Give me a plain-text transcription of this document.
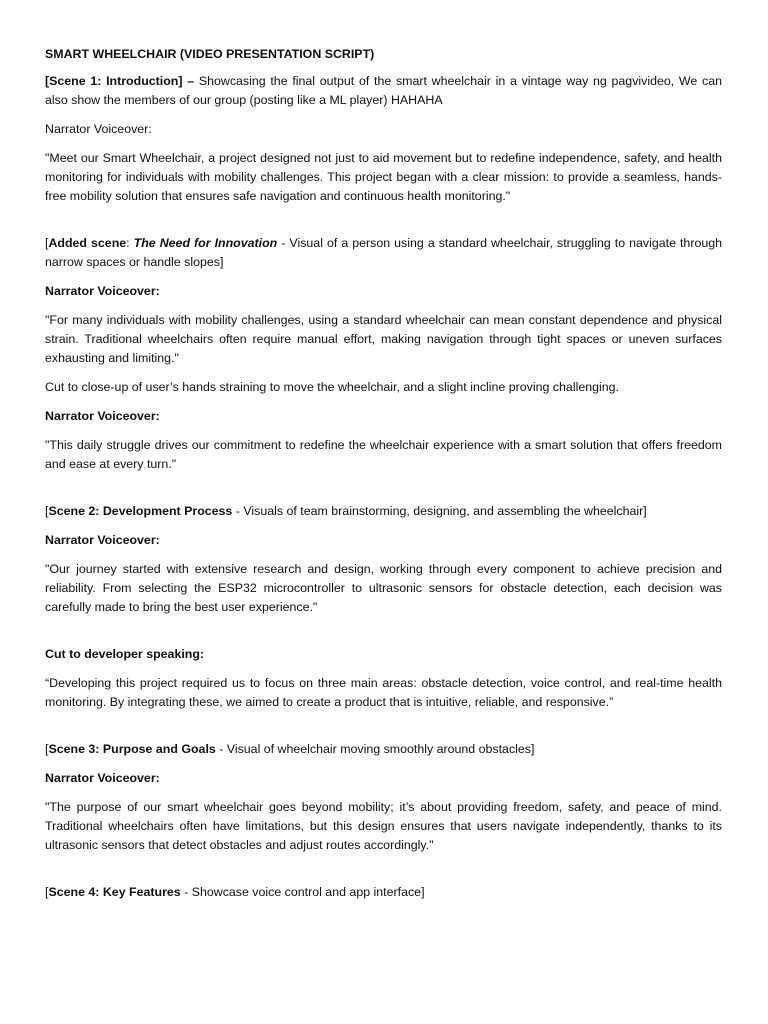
SMART WHEELCHAIR (VIDEO PRESENTATION SCRIPT)

[Scene 1: Introduction] – Showcasing the final output of the smart wheelchair in a vintage way ng pagvivideo, We can also show the members of our group (posting like a ML player) HAHAHA

Narrator Voiceover:

"Meet our Smart Wheelchair, a project designed not just to aid movement but to redefine independence, safety, and health monitoring for individuals with mobility challenges. This project began with a clear mission: to provide a seamless, hands-free mobility solution that ensures safe navigation and continuous health monitoring."

[Added scene: The Need for Innovation - Visual of a person using a standard wheelchair, struggling to navigate through narrow spaces or handle slopes]

Narrator Voiceover:

"For many individuals with mobility challenges, using a standard wheelchair can mean constant dependence and physical strain. Traditional wheelchairs often require manual effort, making navigation through tight spaces or uneven surfaces exhausting and limiting."

Cut to close-up of user’s hands straining to move the wheelchair, and a slight incline proving challenging.

Narrator Voiceover:

"This daily struggle drives our commitment to redefine the wheelchair experience with a smart solution that offers freedom and ease at every turn."

[Scene 2: Development Process - Visuals of team brainstorming, designing, and assembling the wheelchair]

Narrator Voiceover:

"Our journey started with extensive research and design, working through every component to achieve precision and reliability. From selecting the ESP32 microcontroller to ultrasonic sensors for obstacle detection, each decision was carefully made to bring the best user experience."

Cut to developer speaking:

“Developing this project required us to focus on three main areas: obstacle detection, voice control, and real-time health monitoring. By integrating these, we aimed to create a product that is intuitive, reliable, and responsive.”

[Scene 3: Purpose and Goals - Visual of wheelchair moving smoothly around obstacles]

Narrator Voiceover:

"The purpose of our smart wheelchair goes beyond mobility; it’s about providing freedom, safety, and peace of mind. Traditional wheelchairs often have limitations, but this design ensures that users navigate independently, thanks to its ultrasonic sensors that detect obstacles and adjust routes accordingly."

[Scene 4: Key Features - Showcase voice control and app interface]
